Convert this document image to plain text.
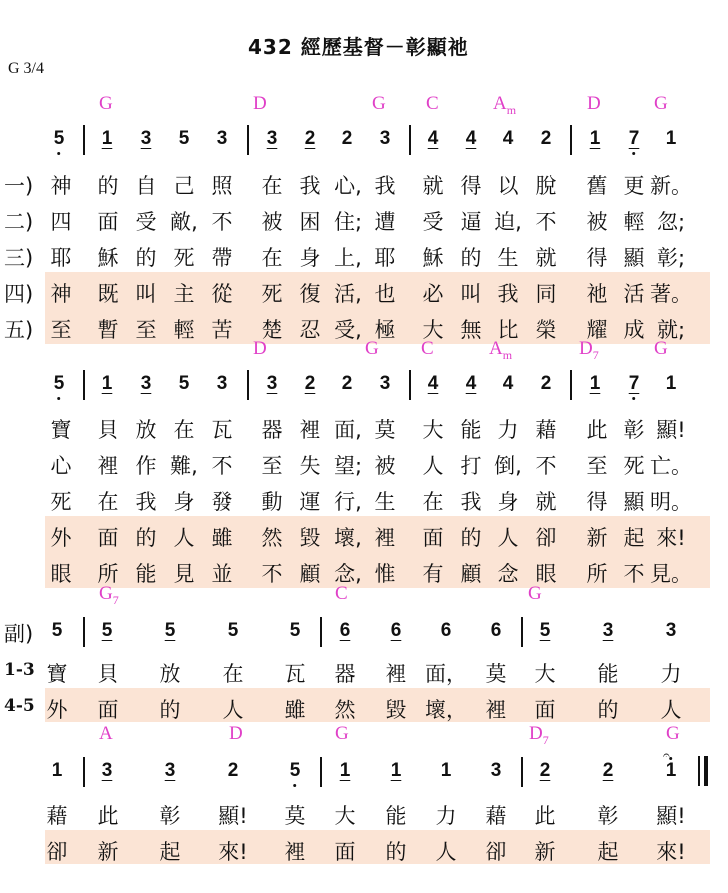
432 經歷基督－彰顯祂
G 3/4
G	D	G C	$A_m$	D	G
5 1 3 5 3 3 2 2 3 4 4 4 2 1 7 1
神 的 自 己 照 在 我 心, 我 就 得 以 脫 舊 更 新。
一)
四 面 受 敵, 不 被 困 住; 遭 受 逼 迫, 不 被 輕 忽;
二)
耶 穌 的 死 帶 在 身 上, 耶 穌 的 生 就 得 顯 彰;
三)
神 既 叫 主 從 死 復 活, 也 必 叫 我 同 祂 活 著。
四)
至 暫 至 輕 苦 楚 忍 受, 極 大 無 比 榮 耀 成 就;
五)
D	G C	$A_m$	$D_7$	G
5 1 3 5 3 3 2 2 3 4 4 4 2 1 7 1
寶 貝 放 在 瓦 器 裡 面, 莫 大 能 力 藉 此 彰 顯!
心 裡 作 難, 不 至 失 望; 被 人 打 倒, 不 至 死 亡。
死 在 我 身 發 動 運 行, 生 在 我 身 就 得 顯 明。
外 面 的 人 雖 然 毀 壞, 裡 面 的 人 卻 新 起 來!
眼 所 能 見 並 不 顧 念, 惟 有 顧 念 眼 所 不 見。
$G_7$	C	G
5 5	5	5	5 6 6 6 6 5	3	3
寶 貝 放 在 瓦 器 裡 面， 莫 大 能 力
1-3
外 面 的 人 雖 然 毀 壞， 裡 面 的 人
4-5
A	D	G	$D_7$	G
1 3	3	2	5 1 1 1 3 2	2	1
藉 此 彰 顯! 莫 大 能 力 藉 此 彰 顯!
卻 新 起 來! 裡 面 的 人 卻 新 起 來!
副)
𝄐
